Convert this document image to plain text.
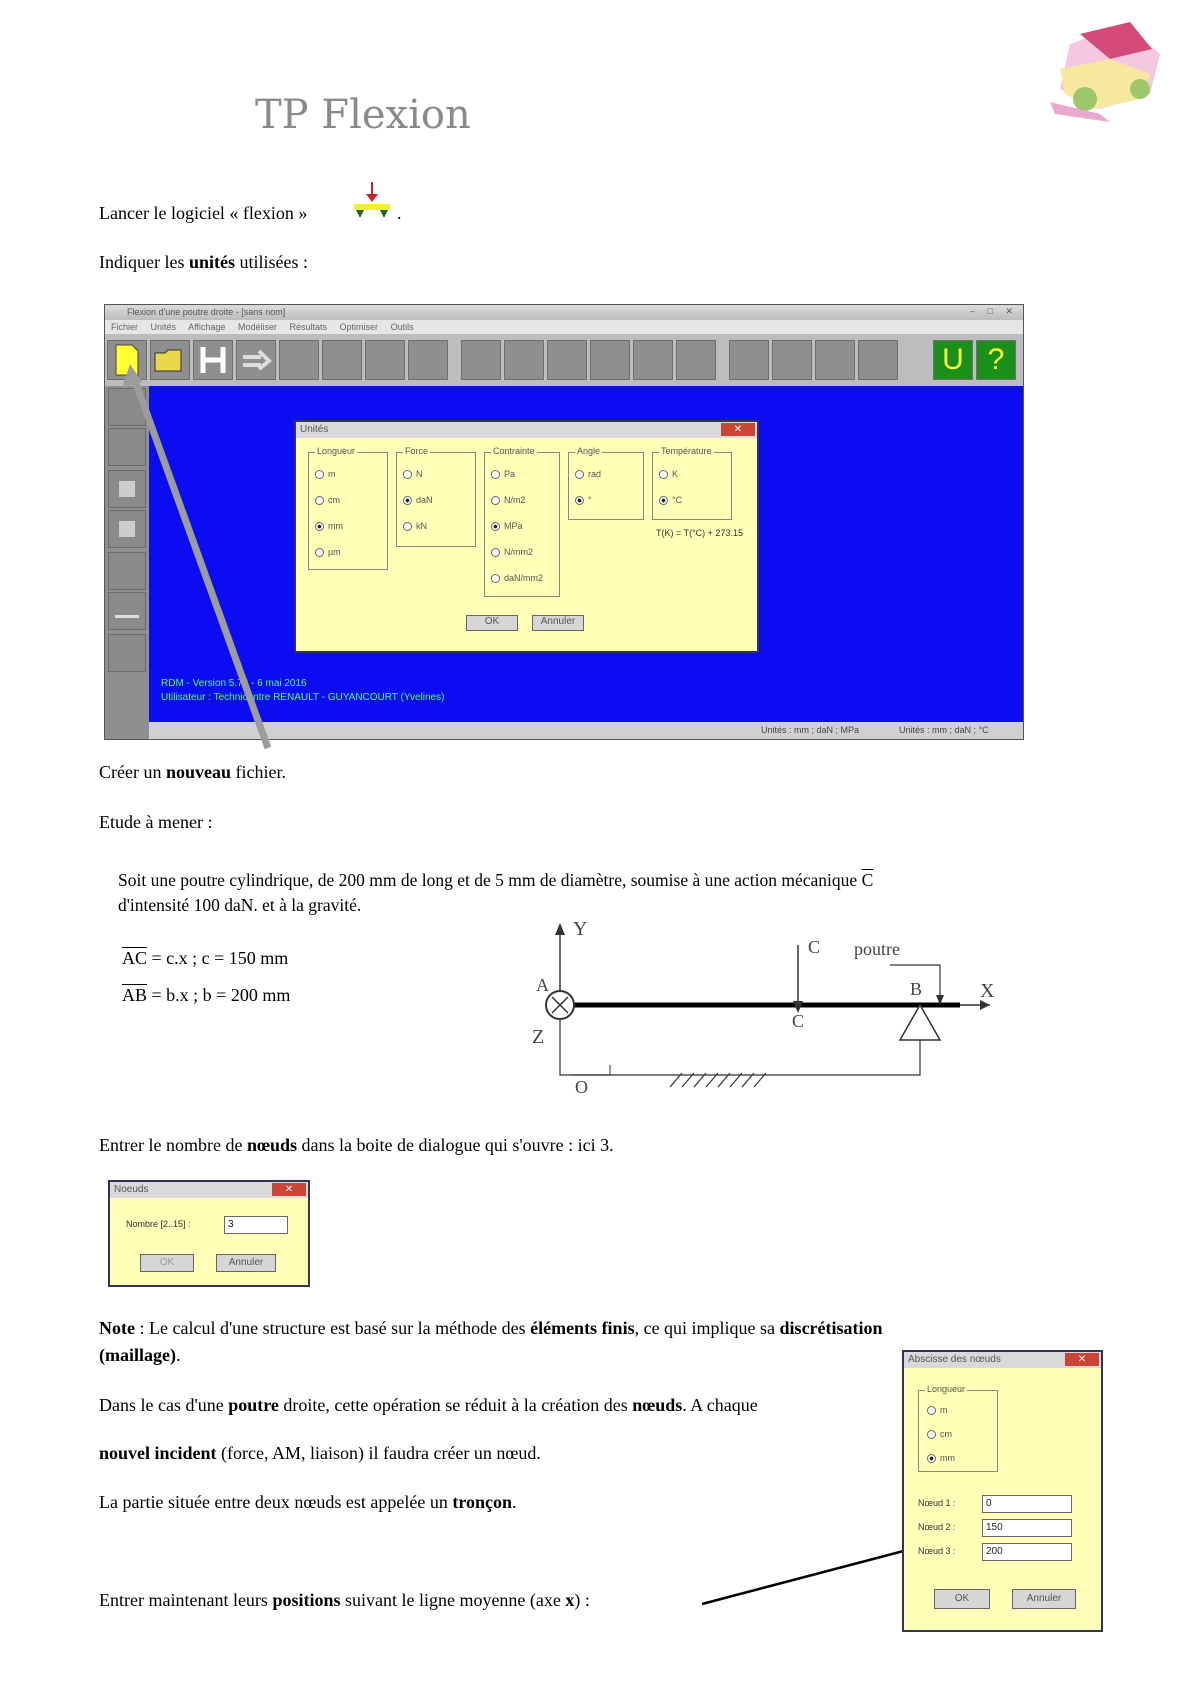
TP Flexion
Lancer le logiciel « flexion »	.
Indiquer les unités utilisées :
Flexion d'une poutre droite - [sans nom]	– □ ✕
Fichier Unités Affichage Modéliser Résultats Optimiser Outils
U ?
RDM - Version 5.76 - 6 mai 2016
Utilisateur : Technicentre RENAULT - GUYANCOURT (Yvelines)
Unités : mm ; daN ; MPa	Unités : mm ; daN ; °C
Unités	✕
Longueur
m
cm
mm
µm
Force
N
daN
kN
Contrainte
Pa
N/m2
MPa
N/mm2
daN/mm2
Angle
rad
°
Température
K
°C
T(K) = T(°C) + 273.15
OK	Annuler
Créer un nouveau fichier.
Etude à mener :
Soit une poutre cylindrique, de 200 mm de long et de 5 mm de diamètre, soumise à une action mécanique $\overline{C}$
d'intensité 100 daN. et à la gravité.
$\overline{AC} = c.x$ ; c = 150 mm
$\overline{AB} = b.x$ ; b = 200 mm
Y
X
Z
A	B
C
C poutre
O
Entrer le nombre de nœuds dans la boite de dialogue qui s'ouvre : ici 3.
Noeuds	✕
Nombre [2..15] :	3
OK	Annuler
Note : Le calcul d'une structure est basé sur la méthode des éléments finis, ce qui implique sa discrétisation
(maillage).
Dans le cas d'une poutre droite, cette opération se réduit à la création des nœuds. A chaque
nouvel incident (force, AM, liaison) il faudra créer un nœud.
La partie située entre deux nœuds est appelée un tronçon.
Entrer maintenant leurs positions suivant le ligne moyenne (axe x) :
Abscisse des nœuds	✕
Longueur
m
cm
mm
Nœud 1 :	0
Nœud 2 :	150
Nœud 3 :	200
OK	Annuler
